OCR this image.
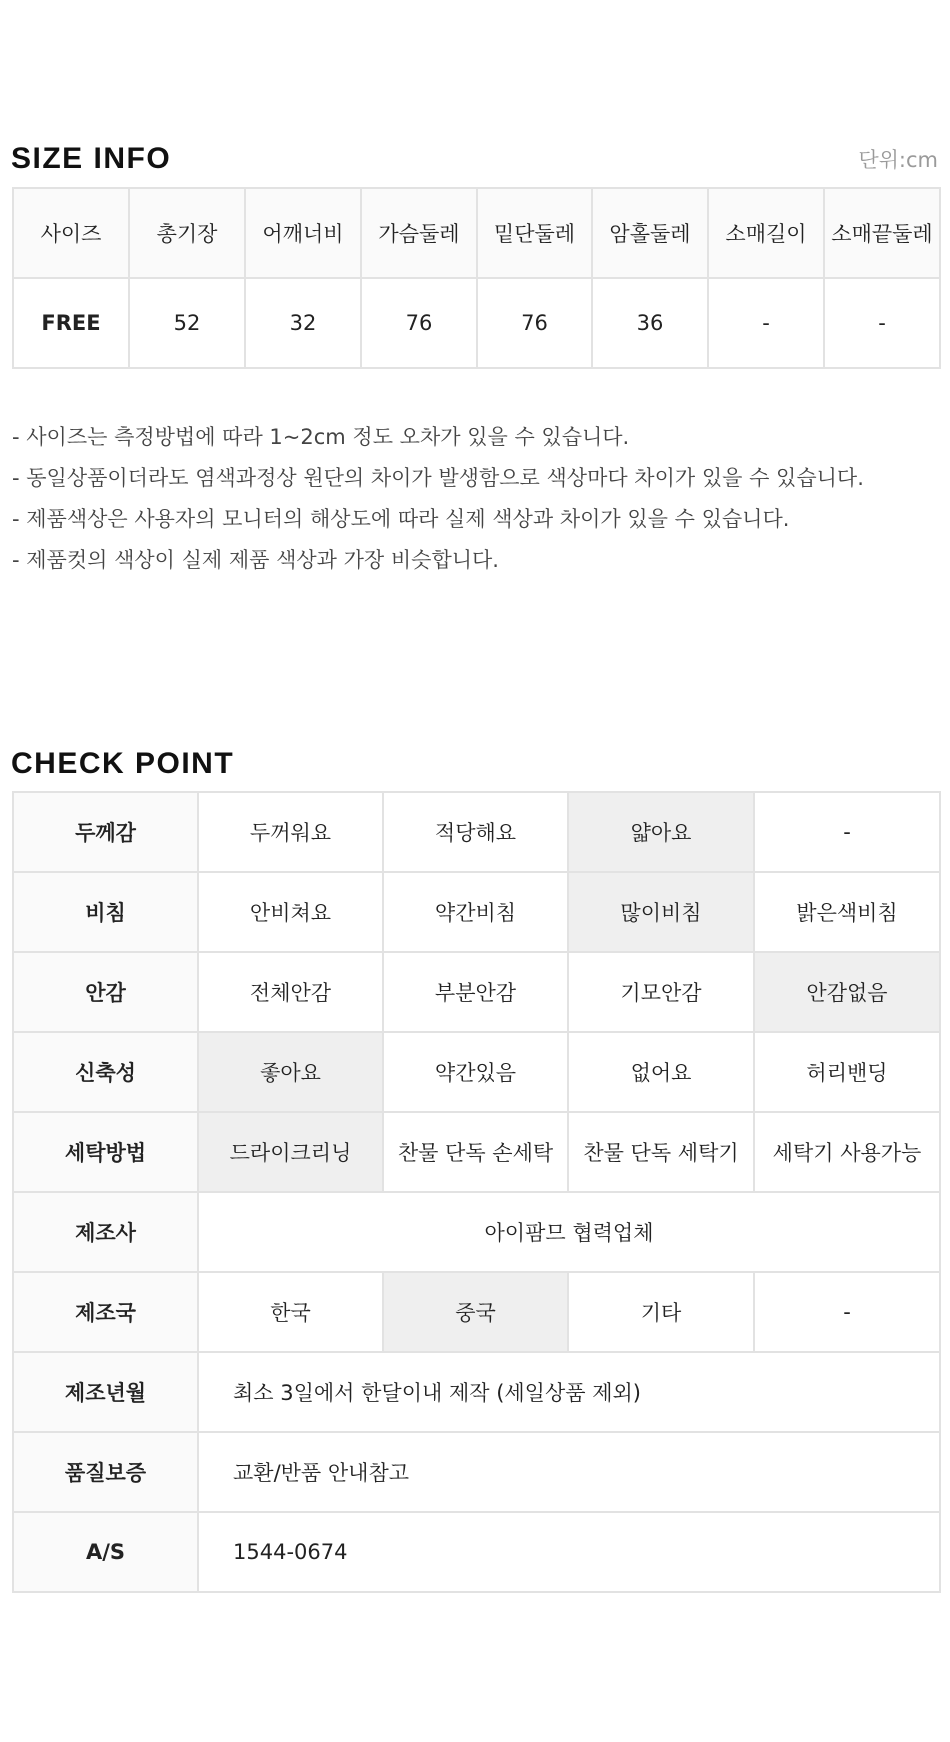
SIZE INFO	단위:cm
사이즈	총기장	어깨너비	가슴둘레	밑단둘레	암홀둘레	소매길이	소매끝둘레
FREE	52	32	76	76	36	-	-
- 사이즈는 측정방법에 따라 1~2cm 정도 오차가 있을 수 있습니다.
- 동일상품이더라도 염색과정상 원단의 차이가 발생함으로 색상마다 차이가 있을 수 있습니다.
- 제품색상은 사용자의 모니터의 해상도에 따라 실제 색상과 차이가 있을 수 있습니다.
- 제품컷의 색상이 실제 제품 색상과 가장 비슷합니다.
CHECK POINT
두께감	두꺼워요	적당해요	얇아요	-
비침	안비쳐요	약간비침	많이비침	밝은색비침
안감	전체안감	부분안감	기모안감	안감없음
신축성	좋아요	약간있음	없어요	허리밴딩
세탁방법	드라이크리닝	찬물 단독 손세탁	찬물 단독 세탁기	세탁기 사용가능
제조사	아이팜므 협력업체			
제조국	한국	중국	기타	-
제조년월	최소 3일에서 한달이내 제작 (세일상품 제외)			
품질보증	교환/반품 안내참고			
A/S	1544-0674			
